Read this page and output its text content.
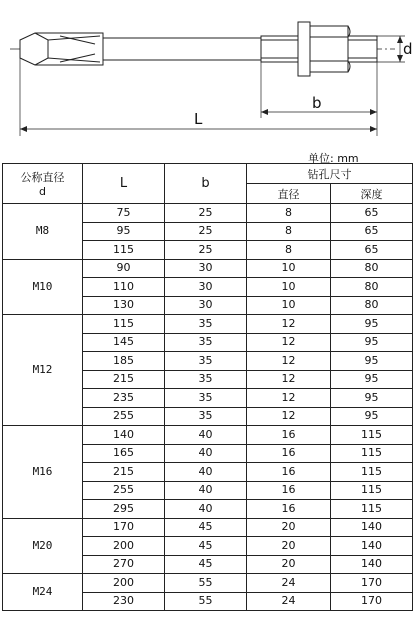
d
b
L
单位: mm
公称直径
d	L	b	钻孔尺寸	
			直径	深度
M8	75	25	8	65
	95	25	8	65
	115	25	8	65
M10	90	30	10	80
	110	30	10	80
	130	30	10	80
M12	115	35	12	95
	145	35	12	95
	185	35	12	95
	215	35	12	95
	235	35	12	95
	255	35	12	95
M16	140	40	16	115
	165	40	16	115
	215	40	16	115
	255	40	16	115
	295	40	16	115
M20	170	45	20	140
	200	45	20	140
	270	45	20	140
M24	200	55	24	170
	230	55	24	170
